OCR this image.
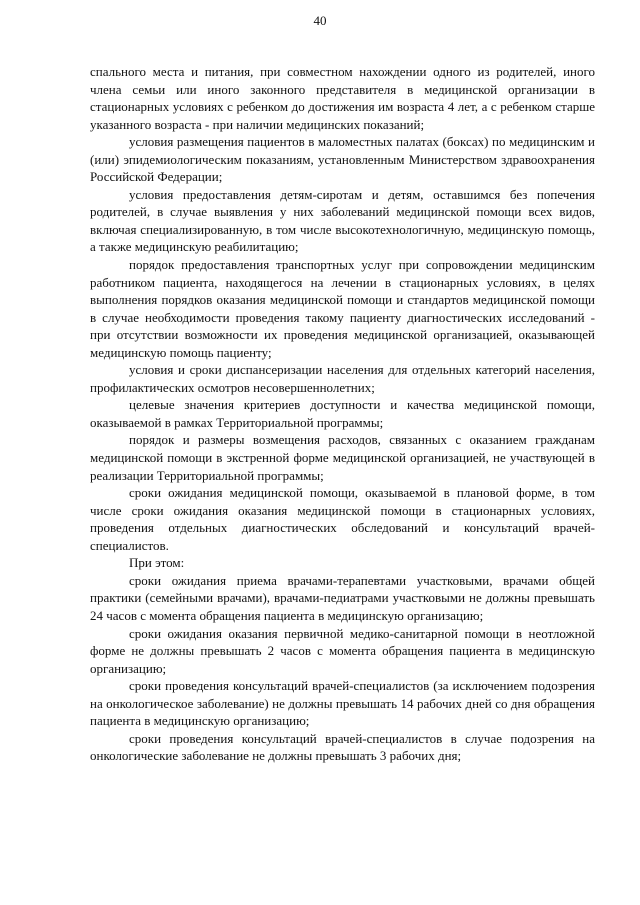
40

спального места и питания, при совместном нахождении одного из родителей, иного члена семьи или иного законного представителя в медицинской организации в стационарных условиях с ребенком до достижения им возраста 4 лет, а с ребенком старше указанного возраста - при наличии медицинских показаний;

условия размещения пациентов в маломестных палатах (боксах) по медицинским и (или) эпидемиологическим показаниям, установленным Министерством здравоохранения Российской Федерации;

условия предоставления детям-сиротам и детям, оставшимся без попечения родителей, в случае выявления у них заболеваний медицинской помощи всех видов, включая специализированную, в том числе высокотехнологичную, медицинскую помощь, а также медицинскую реабилитацию;

порядок предоставления транспортных услуг при сопровождении медицинским работником пациента, находящегося на лечении в стационарных условиях, в целях выполнения порядков оказания медицинской помощи и стандартов медицинской помощи в случае необходимости проведения такому пациенту диагностических исследований - при отсутствии возможности их проведения медицинской организацией, оказывающей медицинскую помощь пациенту;

условия и сроки диспансеризации населения для отдельных категорий населения, профилактических осмотров несовершеннолетних;

целевые значения критериев доступности и качества медицинской помощи, оказываемой в рамках Территориальной программы;

порядок и размеры возмещения расходов, связанных с оказанием гражданам медицинской помощи в экстренной форме медицинской организацией, не участвующей в реализации Территориальной программы;

сроки ожидания медицинской помощи, оказываемой в плановой форме, в том числе сроки ожидания оказания медицинской помощи в стационарных условиях, проведения отдельных диагностических обследований и консультаций врачей-специалистов.

При этом:

сроки ожидания приема врачами-терапевтами участковыми, врачами общей практики (семейными врачами), врачами-педиатрами участковыми не должны превышать 24 часов с момента обращения пациента в медицинскую организацию;

сроки ожидания оказания первичной медико-санитарной помощи в неотложной форме не должны превышать 2 часов с момента обращения пациента в медицинскую организацию;

сроки проведения консультаций врачей-специалистов (за исключением подозрения на онкологическое заболевание) не должны превышать 14 рабочих дней со дня обращения пациента в медицинскую организацию;

сроки проведения консультаций врачей-специалистов в случае подозрения на онкологические заболевание не должны превышать 3 рабочих дня;
